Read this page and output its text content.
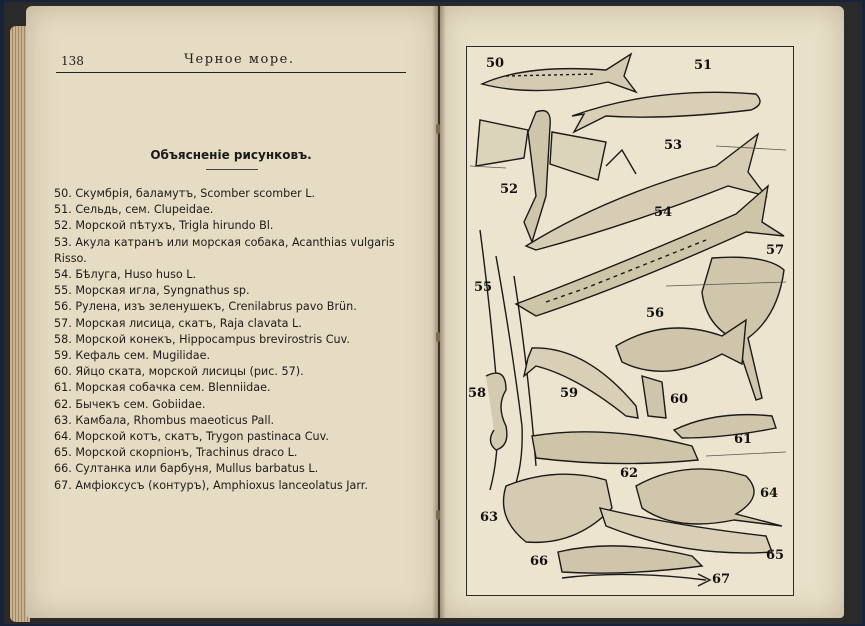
138	Черное море.
Объясненіе рисунковъ.
50. Скумбрія, баламутъ, Scomber scomber L.
51. Сельдь, сем. Clupeidae.
52. Морской пѣтухъ, Trigla hirundo Bl.
53. Акула катранъ или морская собака, Acanthias vulgaris Risso.
54. Бѣлуга, Huso huso L.
55. Морская игла, Syngnathus sp.
56. Рулена, изъ зеленушекъ, Crenilabrus pavo Brün.
57. Морская лисица, скатъ, Raja clavata L.
58. Морской конекъ, Hippocampus brevirostris Cuv.
59. Кефаль сем. Mugilidae.
60. Яйцо ската, морской лисицы (рис. 57).
61. Морская собачка сем. Blenniidae.
62. Бычекъ сем. Gobiidae.
63. Камбала, Rhombus maeoticus Pall.
64. Морской котъ, скатъ, Trygon pastinaca Cuv.
65. Морской скорпіонъ, Trachinus draco L.
66. Султанка или барбуня, Mullus barbatus L.
67. Амфіоксусъ (контуръ), Amphioxus lanceolatus Jarr.
50	51
52
53
54
55
56
57
58	59	60
61
62
63
64
65
66
67
